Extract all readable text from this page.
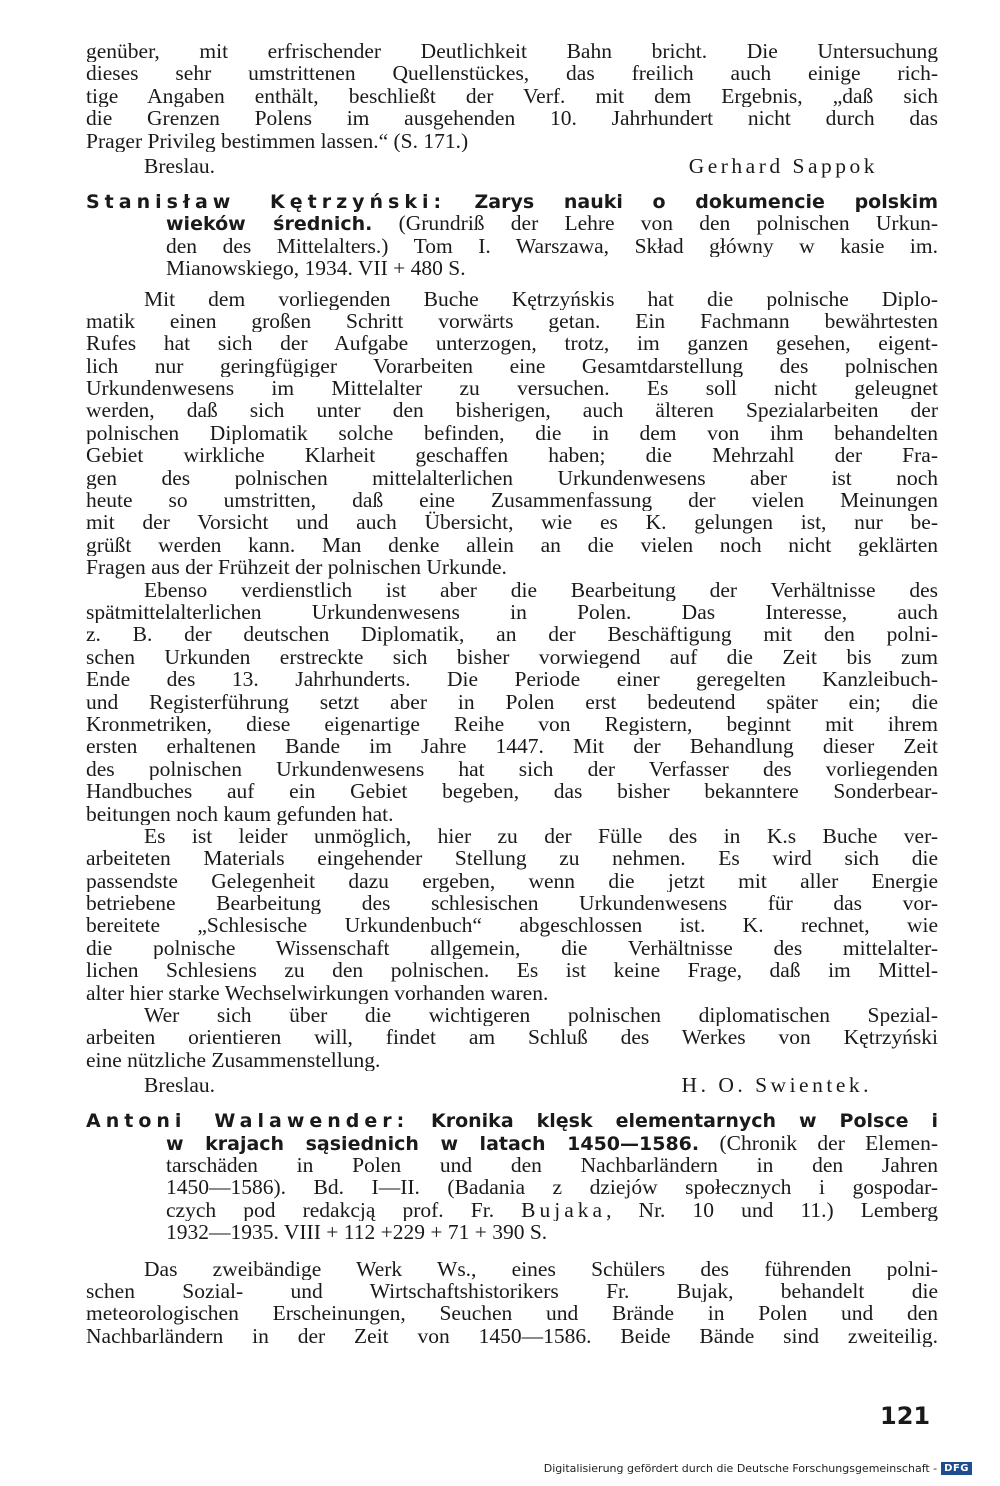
genüber, mit erfrischender Deutlichkeit Bahn bricht. Die Untersuchung
dieses sehr umstrittenen Quellenstückes, das freilich auch einige rich-
tige Angaben enthält, beschließt der Verf. mit dem Ergebnis, „daß sich
die Grenzen Polens im ausgehenden 10. Jahrhundert nicht durch das
Prager Privileg bestimmen lassen.“ (S. 171.)
Breslau.	Gerhard Sappok
Stanisław Kętrzyński: Zarys nauki o dokumencie polskim
wieków średnich. (Grundriß der Lehre von den polnischen Urkun-
den des Mittelalters.) Tom I. Warszawa, Skład główny w kasie im.
Mianowskiego, 1934. VII + 480 S.
Mit dem vorliegenden Buche Kętrzyńskis hat die polnische Diplo-
matik einen großen Schritt vorwärts getan. Ein Fachmann bewährtesten
Rufes hat sich der Aufgabe unterzogen, trotz, im ganzen gesehen, eigent-
lich nur geringfügiger Vorarbeiten eine Gesamtdarstellung des polnischen
Urkundenwesens im Mittelalter zu versuchen. Es soll nicht geleugnet
werden, daß sich unter den bisherigen, auch älteren Spezialarbeiten der
polnischen Diplomatik solche befinden, die in dem von ihm behandelten
Gebiet wirkliche Klarheit geschaffen haben; die Mehrzahl der Fra-
gen des polnischen mittelalterlichen Urkundenwesens aber ist noch
heute so umstritten, daß eine Zusammenfassung der vielen Meinungen
mit der Vorsicht und auch Übersicht, wie es K. gelungen ist, nur be-
grüßt werden kann. Man denke allein an die vielen noch nicht geklärten
Fragen aus der Frühzeit der polnischen Urkunde.
Ebenso verdienstlich ist aber die Bearbeitung der Verhältnisse des
spätmittelalterlichen Urkundenwesens in Polen. Das Interesse, auch
z. B. der deutschen Diplomatik, an der Beschäftigung mit den polni-
schen Urkunden erstreckte sich bisher vorwiegend auf die Zeit bis zum
Ende des 13. Jahrhunderts. Die Periode einer geregelten Kanzleibuch-
und Registerführung setzt aber in Polen erst bedeutend später ein; die
Kronmetriken, diese eigenartige Reihe von Registern, beginnt mit ihrem
ersten erhaltenen Bande im Jahre 1447. Mit der Behandlung dieser Zeit
des polnischen Urkundenwesens hat sich der Verfasser des vorliegenden
Handbuches auf ein Gebiet begeben, das bisher bekanntere Sonderbear-
beitungen noch kaum gefunden hat.
Es ist leider unmöglich, hier zu der Fülle des in K.s Buche ver-
arbeiteten Materials eingehender Stellung zu nehmen. Es wird sich die
passendste Gelegenheit dazu ergeben, wenn die jetzt mit aller Energie
betriebene Bearbeitung des schlesischen Urkundenwesens für das vor-
bereitete „Schlesische Urkundenbuch“ abgeschlossen ist. K. rechnet, wie
die polnische Wissenschaft allgemein, die Verhältnisse des mittelalter-
lichen Schlesiens zu den polnischen. Es ist keine Frage, daß im Mittel-
alter hier starke Wechselwirkungen vorhanden waren.
Wer sich über die wichtigeren polnischen diplomatischen Spezial-
arbeiten orientieren will, findet am Schluß des Werkes von Kętrzyński
eine nützliche Zusammenstellung.
Breslau.	H. O. Swientek.
Antoni Walawender: Kronika klęsk elementarnych w Polsce i
w krajach sąsiednich w latach 1450—1586. (Chronik der Elemen-
tarschäden in Polen und den Nachbarländern in den Jahren
1450—1586). Bd. I—II. (Badania z dziejów społecznych i gospodar-
czych pod redakcją prof. Fr. Bujaka, Nr. 10 und 11.) Lemberg
1932—1935. VIII + 112 +229 + 71 + 390 S.
Das zweibändige Werk Ws., eines Schülers des führenden polni-
schen Sozial- und Wirtschaftshistorikers Fr. Bujak, behandelt die
meteorologischen Erscheinungen, Seuchen und Brände in Polen und den
Nachbarländern in der Zeit von 1450—1586. Beide Bände sind zweiteilig.
121
Digitalisierung gefördert durch die Deutsche Forschungsgemeinschaft - DFG
